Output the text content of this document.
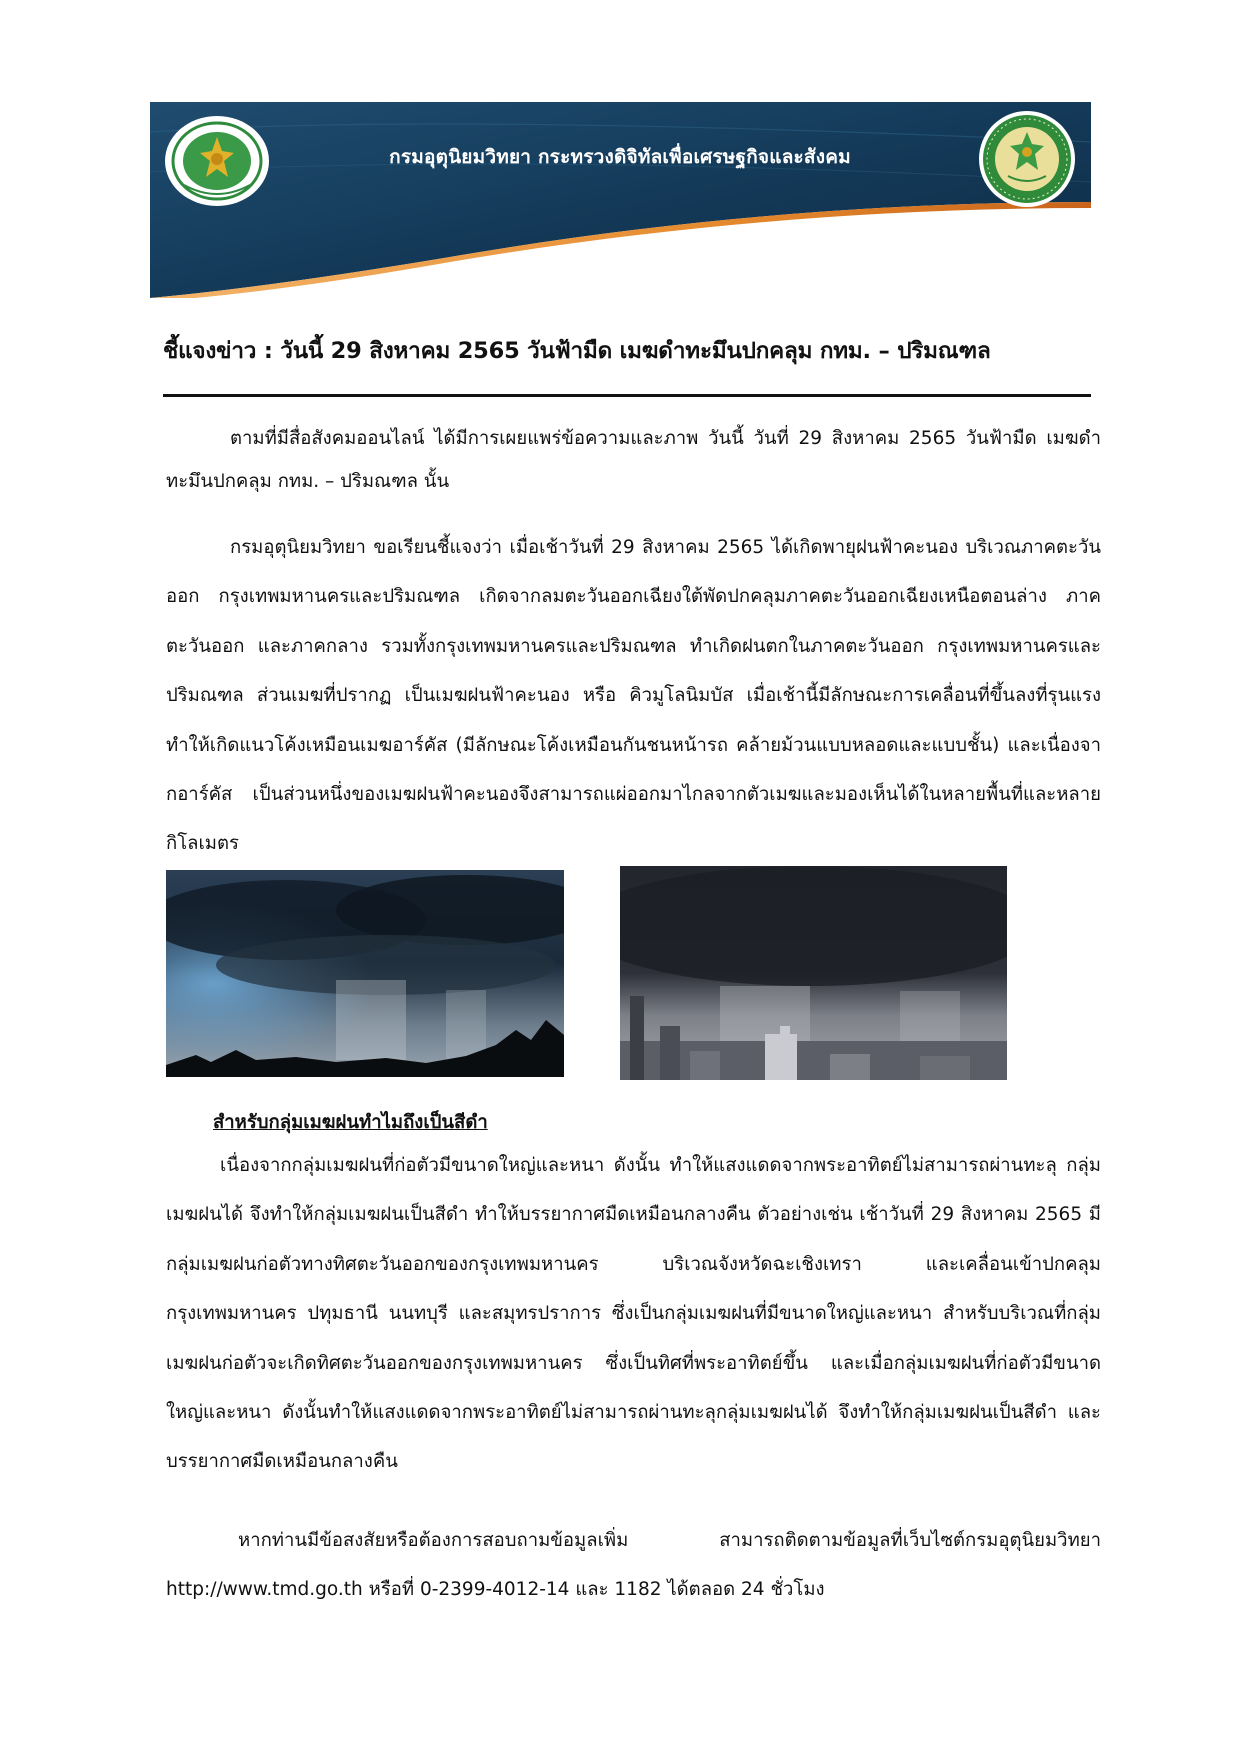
กรมอุตุนิยมวิทยา กระทรวงดิจิทัลเพื่อเศรษฐกิจและสังคม
ชี้แจงข่าว : วันนี้ 29 สิงหาคม 2565 วันฟ้ามืด เมฆดำทะมึนปกคลุม กทม. – ปริมณฑล
ตามที่มีสื่อสังคมออนไลน์ ได้มีการเผยแพร่ข้อความและภาพ วันนี้ วันที่ 29 สิงหาคม 2565 วันฟ้ามืด เมฆดำทะมึนปกคลุม กทม. – ปริมณฑล นั้น
กรมอุตุนิยมวิทยา ขอเรียนชี้แจงว่า เมื่อเช้าวันที่ 29 สิงหาคม 2565 ได้เกิดพายุฝนฟ้าคะนอง บริเวณภาคตะวันออก กรุงเทพมหานครและปริมณฑล เกิดจากลมตะวันออกเฉียงใต้พัดปกคลุมภาคตะวันออกเฉียงเหนือตอนล่าง ภาคตะวันออก และภาคกลาง รวมทั้งกรุงเทพมหานครและปริมณฑล ทำเกิดฝนตกในภาคตะวันออก กรุงเทพมหานครและปริมณฑล ส่วนเมฆที่ปรากฏ เป็นเมฆฝนฟ้าคะนอง หรือ คิวมูโลนิมบัส เมื่อเช้านี้มีลักษณะการเคลื่อนที่ขึ้นลงที่รุนแรงทำให้เกิดแนวโค้งเหมือนเมฆอาร์คัส (มีลักษณะโค้งเหมือนกันชนหน้ารถ คล้ายม้วนแบบหลอดและแบบชั้น) และเนื่องจากอาร์คัส เป็นส่วนหนึ่งของเมฆฝนฟ้าคะนองจึงสามารถแผ่ออกมาไกลจากตัวเมฆและมองเห็นได้ในหลายพื้นที่และหลายกิโลเมตร
สำหรับกลุ่มเมฆฝนทำไมถึงเป็นสีดำ
เนื่องจากกลุ่มเมฆฝนที่ก่อตัวมีขนาดใหญ่และหนา ดังนั้น ทำให้แสงแดดจากพระอาทิตย์ไม่สามารถผ่านทะลุ กลุ่มเมฆฝนได้ จึงทำให้กลุ่มเมฆฝนเป็นสีดำ ทำให้บรรยากาศมืดเหมือนกลางคืน ตัวอย่างเช่น เช้าวันที่ 29 สิงหาคม 2565 มีกลุ่มเมฆฝนก่อตัวทางทิศตะวันออกของกรุงเทพมหานคร บริเวณจังหวัดฉะเชิงเทรา และเคลื่อนเข้าปกคลุมกรุงเทพมหานคร ปทุมธานี นนทบุรี และสมุทรปราการ ซึ่งเป็นกลุ่มเมฆฝนที่มีขนาดใหญ่และหนา สำหรับบริเวณที่กลุ่มเมฆฝนก่อตัวจะเกิดทิศตะวันออกของกรุงเทพมหานคร ซึ่งเป็นทิศที่พระอาทิตย์ขึ้น และเมื่อกลุ่มเมฆฝนที่ก่อตัวมีขนาดใหญ่และหนา ดังนั้นทำให้แสงแดดจากพระอาทิตย์ไม่สามารถผ่านทะลุกลุ่มเมฆฝนได้ จึงทำให้กลุ่มเมฆฝนเป็นสีดำ และบรรยากาศมืดเหมือนกลางคืน
หากท่านมีข้อสงสัยหรือต้องการสอบถามข้อมูลเพิ่ม สามารถติดตามข้อมูลที่เว็บไซต์กรมอุตุนิยมวิทยา http://www.tmd.go.th หรือที่ 0-2399-4012-14 และ 1182 ได้ตลอด 24 ชั่วโมง
